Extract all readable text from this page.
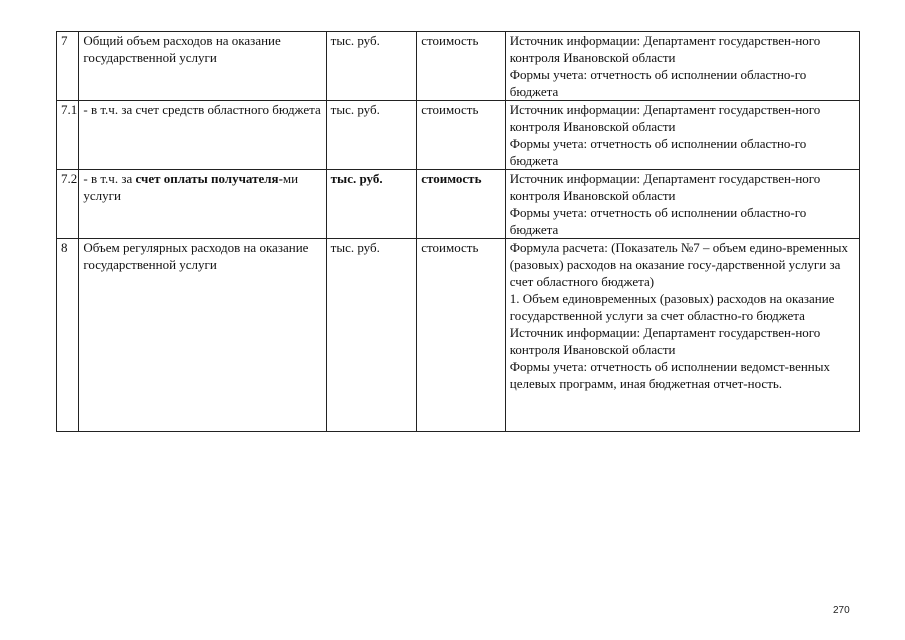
7	Общий объем расходов на оказание государственной услуги	тыс. руб.	стоимость	Источник информации: Департамент государствен-ного контроля Ивановской области
Формы учета: отчетность об исполнении областно-го бюджета

7.1	- в т.ч. за счет средств областного бюджета	тыс. руб.	стоимость	Источник информации: Департамент государствен-ного контроля Ивановской области
Формы учета: отчетность об исполнении областно-го бюджета

7.2	- в т.ч. за счет оплаты получателя-ми услуги	тыс. руб.	стоимость	Источник информации: Департамент государствен-ного контроля Ивановской области
Формы учета: отчетность об исполнении областно-го бюджета

8	Объем регулярных расходов на оказание государственной услуги	тыс. руб.	стоимость	Формула расчета: (Показатель №7 – объем едино-временных (разовых) расходов на оказание госу-дарственной услуги за счет областного бюджета)
1. Объем единовременных (разовых) расходов на оказание государственной услуги за счет областно-го бюджета
Источник информации: Департамент государствен-ного контроля Ивановской области
Формы учета: отчетность об исполнении ведомст-венных целевых программ, иная бюджетная отчет-ность.
270
